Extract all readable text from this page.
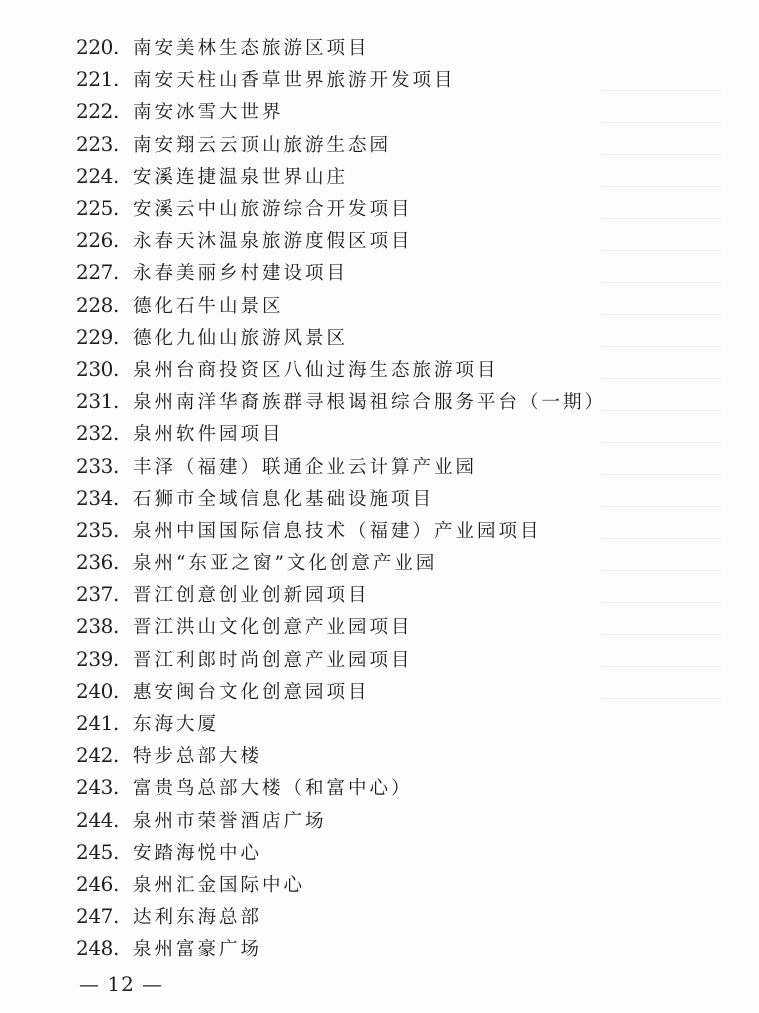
220. 南安美林生态旅游区项目
221. 南安天柱山香草世界旅游开发项目
222. 南安冰雪大世界
223. 南安翔云云顶山旅游生态园
224. 安溪连捷温泉世界山庄
225. 安溪云中山旅游综合开发项目
226. 永春天沐温泉旅游度假区项目
227. 永春美丽乡村建设项目
228. 德化石牛山景区
229. 德化九仙山旅游风景区
230. 泉州台商投资区八仙过海生态旅游项目
231. 泉州南洋华裔族群寻根谒祖综合服务平台（一期）
232. 泉州软件园项目
233. 丰泽（福建）联通企业云计算产业园
234. 石狮市全域信息化基础设施项目
235. 泉州中国国际信息技术（福建）产业园项目
236. 泉州“东亚之窗”文化创意产业园
237. 晋江创意创业创新园项目
238. 晋江洪山文化创意产业园项目
239. 晋江利郎时尚创意产业园项目
240. 惠安闽台文化创意园项目
241. 东海大厦
242. 特步总部大楼
243. 富贵鸟总部大楼（和富中心）
244. 泉州市荣誉酒店广场
245. 安踏海悦中心
246. 泉州汇金国际中心
247. 达利东海总部
248. 泉州富豪广场
— 12 —
